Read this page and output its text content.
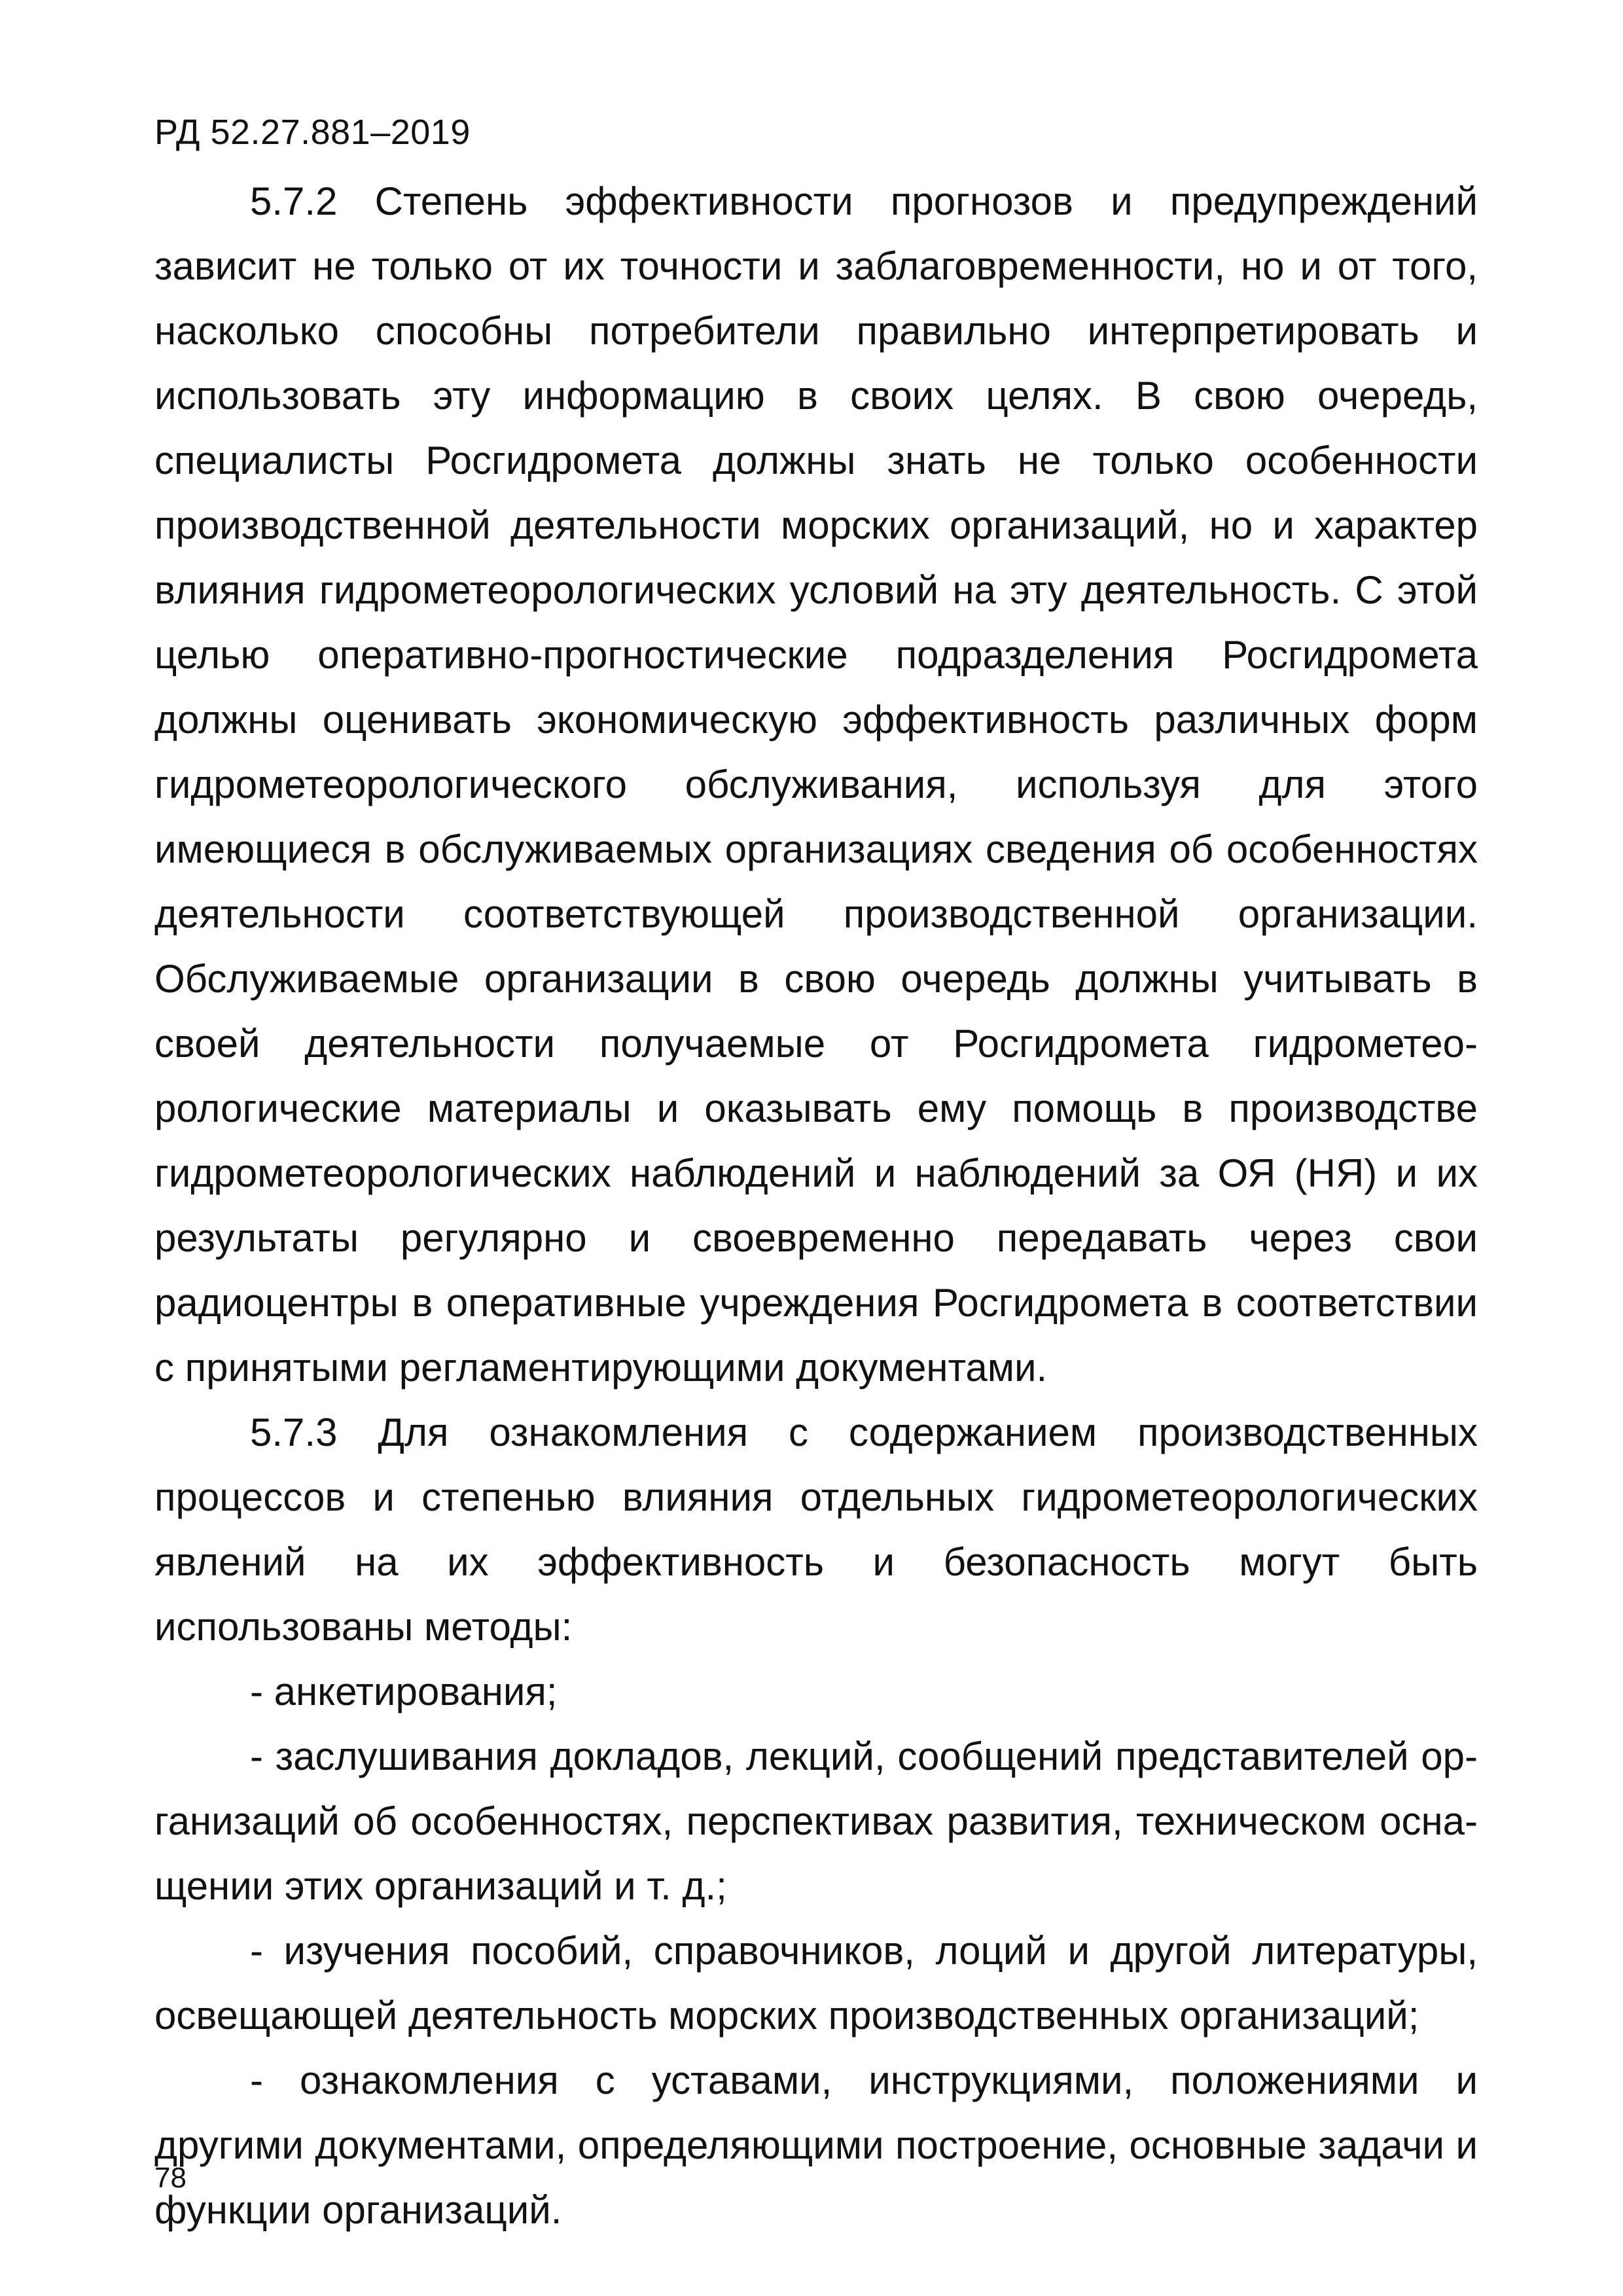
РД 52.27.881–2019

5.7.2 Степень эффективности прогнозов и предупреждений зависит не только от их точности и заблаговременности, но и от того, насколько способны потребители правильно интерпретировать и использовать эту информацию в своих целях. В свою очередь, специалисты Росгидромета должны знать не только особенности производственной деятельности морских организаций, но и характер влияния гидрометеорологических условий на эту деятельность. С этой целью оперативно-прогностические подразделения Росгидромета должны оценивать экономическую эффективность различных форм гидрометеорологического обслуживания, используя для этого имеющиеся в обслуживаемых организациях сведения об особенностях деятельности соответствующей производственной организации. Обслуживаемые организации в свою очередь должны учитывать в своей деятельности получаемые от Росгидромета гидрометеорологические материалы и оказывать ему помощь в производстве гидрометеорологических наблюдений и наблюдений за ОЯ (НЯ) и их результаты регулярно и своевременно передавать через свои радиоцентры в оперативные учреждения Росгидромета в соответствии с принятыми регламентирующими документами.

5.7.3 Для ознакомления с содержанием производственных процессов и степенью влияния отдельных гидрометеорологических явлений на их эффективность и безопасность могут быть использованы методы:

- анкетирования;

- заслушивания докладов, лекций, сообщений представителей организаций об особенностях, перспективах развития, техническом оснащении этих организаций и т. д.;

- изучения пособий, справочников, лоций и другой литературы, освещающей деятельность морских производственных организаций;

- ознакомления с уставами, инструкциями, положениями и другими документами, определяющими построение, основные задачи и функции организаций.

78
